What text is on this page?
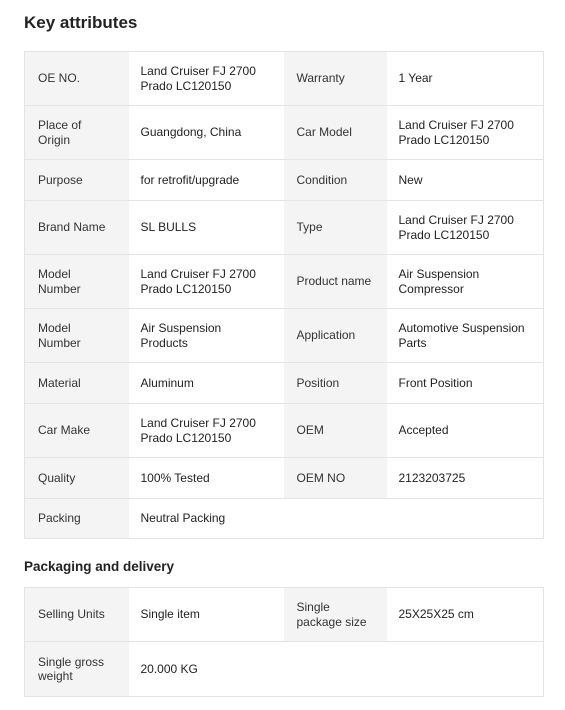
Key attributes
OE NO.	Land Cruiser FJ 2700 Prado LC120150	Warranty	1 Year
Place of Origin	Guangdong, China	Car Model	Land Cruiser FJ 2700 Prado LC120150
Purpose	for retrofit/upgrade	Condition	New
Brand Name	SL BULLS	Type	Land Cruiser FJ 2700 Prado LC120150
Model Number	Land Cruiser FJ 2700 Prado LC120150	Product name	Air Suspension Compressor
Model Number	Air Suspension Products	Application	Automotive Suspension Parts
Material	Aluminum	Position	Front Position
Car Make	Land Cruiser FJ 2700 Prado LC120150	OEM	Accepted
Quality	100% Tested	OEM NO	2123203725
Packing	Neutral Packing		
Packaging and delivery
Selling Units	Single item	Single package size	25X25X25 cm
Single gross weight	20.000 KG		
